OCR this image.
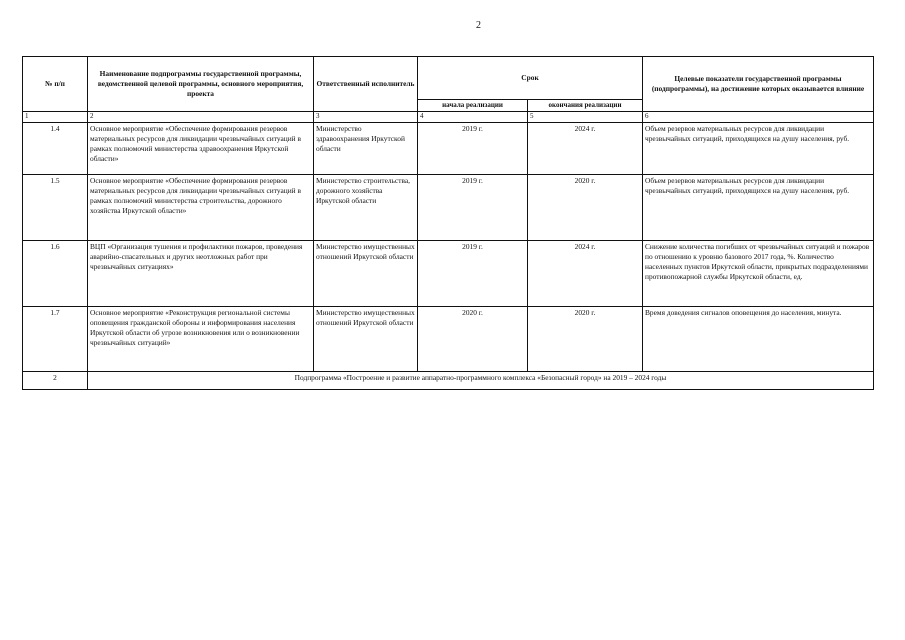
2
№ п/п	Наименование подпрограммы государственной программы, ведомственной целевой программы, основного мероприятия, проекта	Ответственный исполнитель	Срок		Целевые показатели государственной программы (подпрограммы), на достижение которых оказывается влияние
			начала реализации	окончания реализации	
1	2	3	4	5	6
1.4	Основное мероприятие «Обеспечение формирования резервов материальных ресурсов для ликвидации чрезвычайных ситуаций в рамках полномочий министерства здравоохранения Иркутской области»	Министерство здравоохранения Иркутской области	2019 г.	2024 г.	Объем резервов материальных ресурсов для ликвидации чрезвычайных ситуаций, приходящихся на душу населения, руб.
1.5	Основное мероприятие «Обеспечение формирования резервов материальных ресурсов для ликвидации чрезвычайных ситуаций в рамках полномочий министерства строительства, дорожного хозяйства Иркутской области»	Министерство строительства, дорожного хозяйства Иркутской области	2019 г.	2020 г.	Объем резервов материальных ресурсов для ликвидации чрезвычайных ситуаций, приходящихся на душу населения, руб.
1.6	ВЦП «Организация тушения и профилактики пожаров, проведения аварийно-спасательных и других неотложных работ при чрезвычайных ситуациях»	Министерство имущественных отношений Иркутской области	2019 г.	2024 г.	Снижение количества погибших от чрезвычайных ситуаций и пожаров по отношению к уровню базового 2017 года, %. Количество населенных пунктов Иркутской области, прикрытых подразделениями противопожарной службы Иркутской области, ед.
1.7	Основное мероприятие «Реконструкция региональной системы оповещения гражданской обороны и информирования населения Иркутской области об угрозе возникновения или о возникновении чрезвычайных ситуаций»	Министерство имущественных отношений Иркутской области	2020 г.	2020 г.	Время доведения сигналов оповещения до населения, минута.
2	Подпрограмма «Построение и развитие аппаратно-программного комплекса «Безопасный город» на 2019 – 2024 годы				
